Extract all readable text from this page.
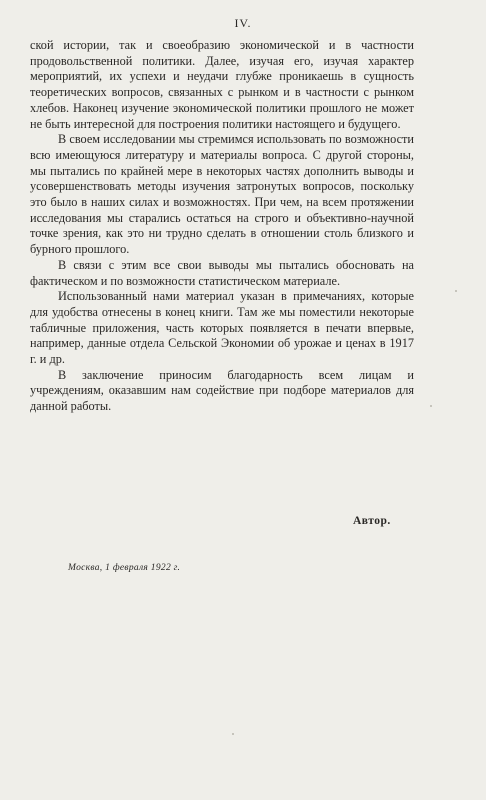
IV.

ской истории, так и своеобразию экономической и в частности продовольственной политики. Далее, изучая его, изучая характер мероприятий, их успехи и неудачи глубже проникаешь в сущность теоретических вопросов, связанных с рынком и в частности с рынком хлебов. Наконец изучение экономической политики прошлого не может не быть интересной для построения политики настоящего и будущего.

В своем исследовании мы стремимся использовать по возможности всю имеющуюся литературу и материалы вопроса. С другой стороны, мы пытались по крайней мере в некоторых частях дополнить выводы и усовершенствовать методы изучения затронутых вопросов, поскольку это было в наших силах и возможностях. При чем, на всем протяжении исследования мы старались остаться на строго и объективно-научной точке зрения, как это ни трудно сделать в отношении столь близкого и бурного прошлого.

В связи с этим все свои выводы мы пытались обосновать на фактическом и по возможности статистическом материале.

Использованный нами материал указан в примечаниях, которые для удобства отнесены в конец книги. Там же мы поместили некоторые табличные приложения, часть которых появляется в печати впервые, например, данные отдела Сельской Экономии об урожае и ценах в 1917 г. и др.

В заключение приносим благодарность всем лицам и учреждениям, оказавшим нам содействие при подборе материалов для данной работы.

Автор.
Москва, 1 февраля 1922 г.
